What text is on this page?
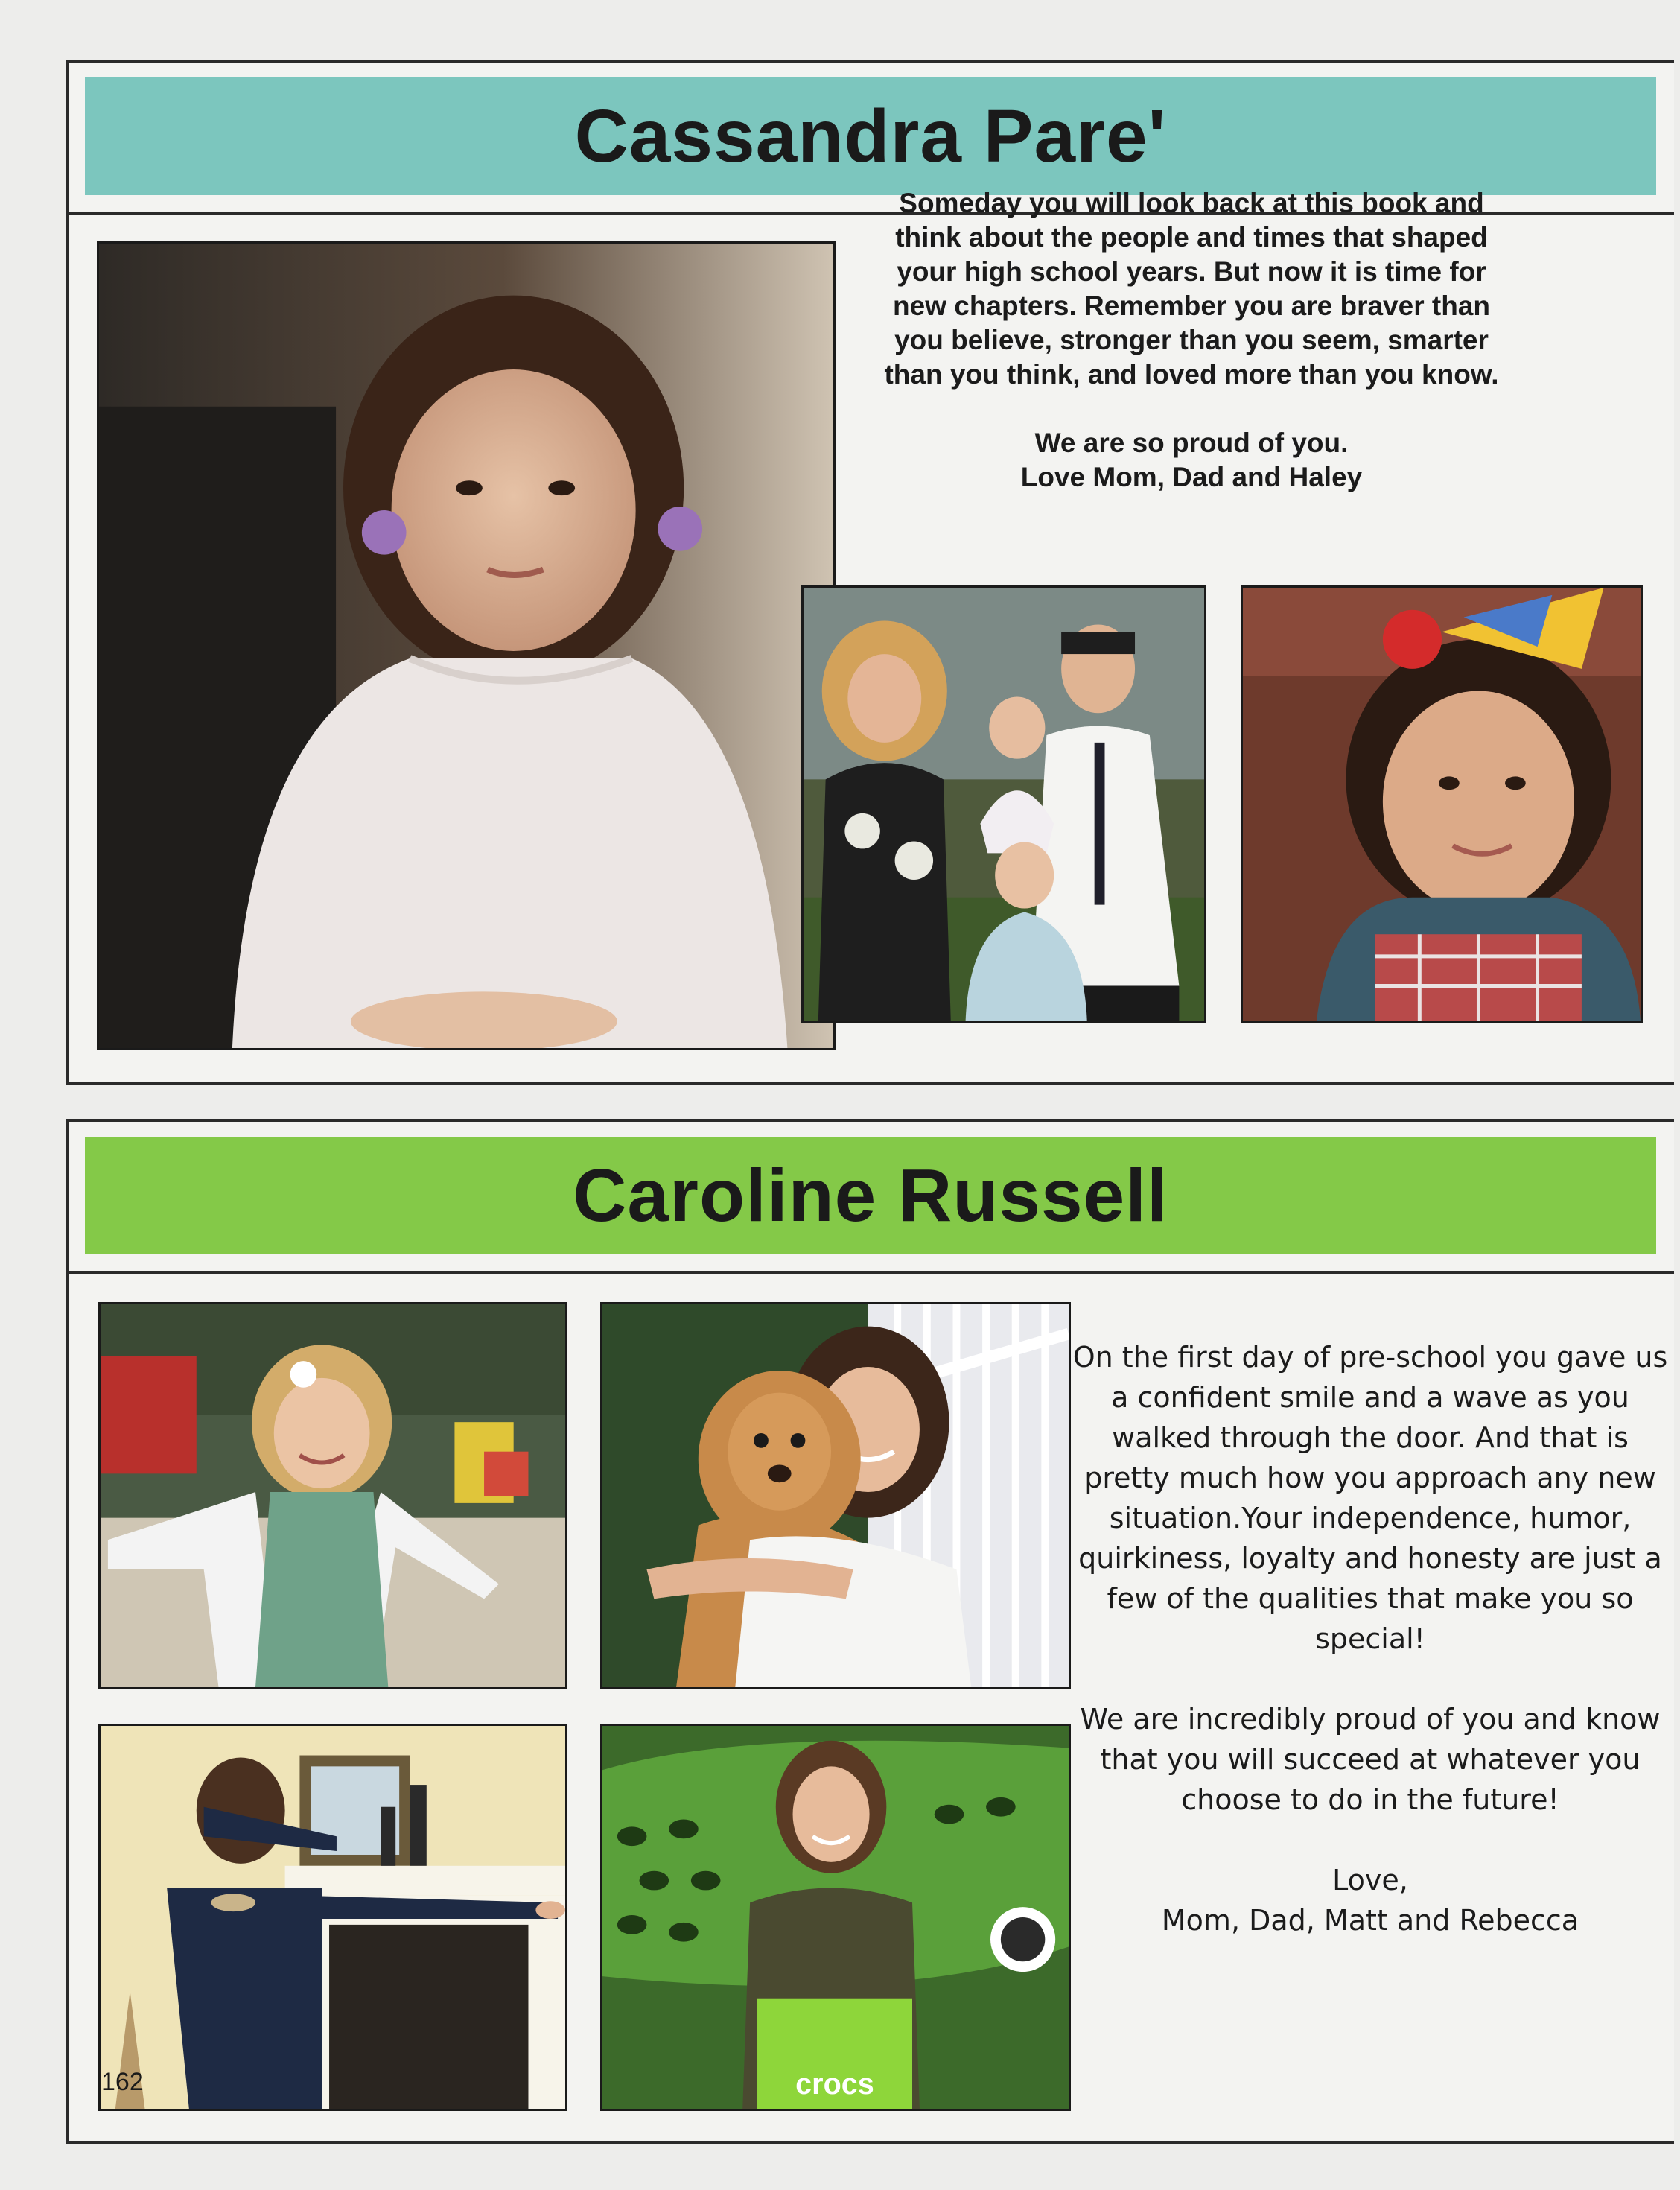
Cassandra Pare'

Someday you will look back at this book and

think about the people and times that shaped

your high school years. But now it is time for

new chapters. Remember you are braver than

you believe, stronger than you seem, smarter

than you think, and loved more than you know.

We are so proud of you.

Love Mom, Dad and Haley

Caroline Russell

On the first day of pre-school you gave us

a confident smile and a wave as you

walked through the door. And that is

pretty much how you approach any new

situation.Your independence, humor,

quirkiness, loyalty and honesty are just a

few of the qualities that make you so

special!

We are incredibly proud of you and know

that you will succeed at whatever you

choose to do in the future!

Love,

Mom, Dad, Matt and Rebecca

crocs
162
